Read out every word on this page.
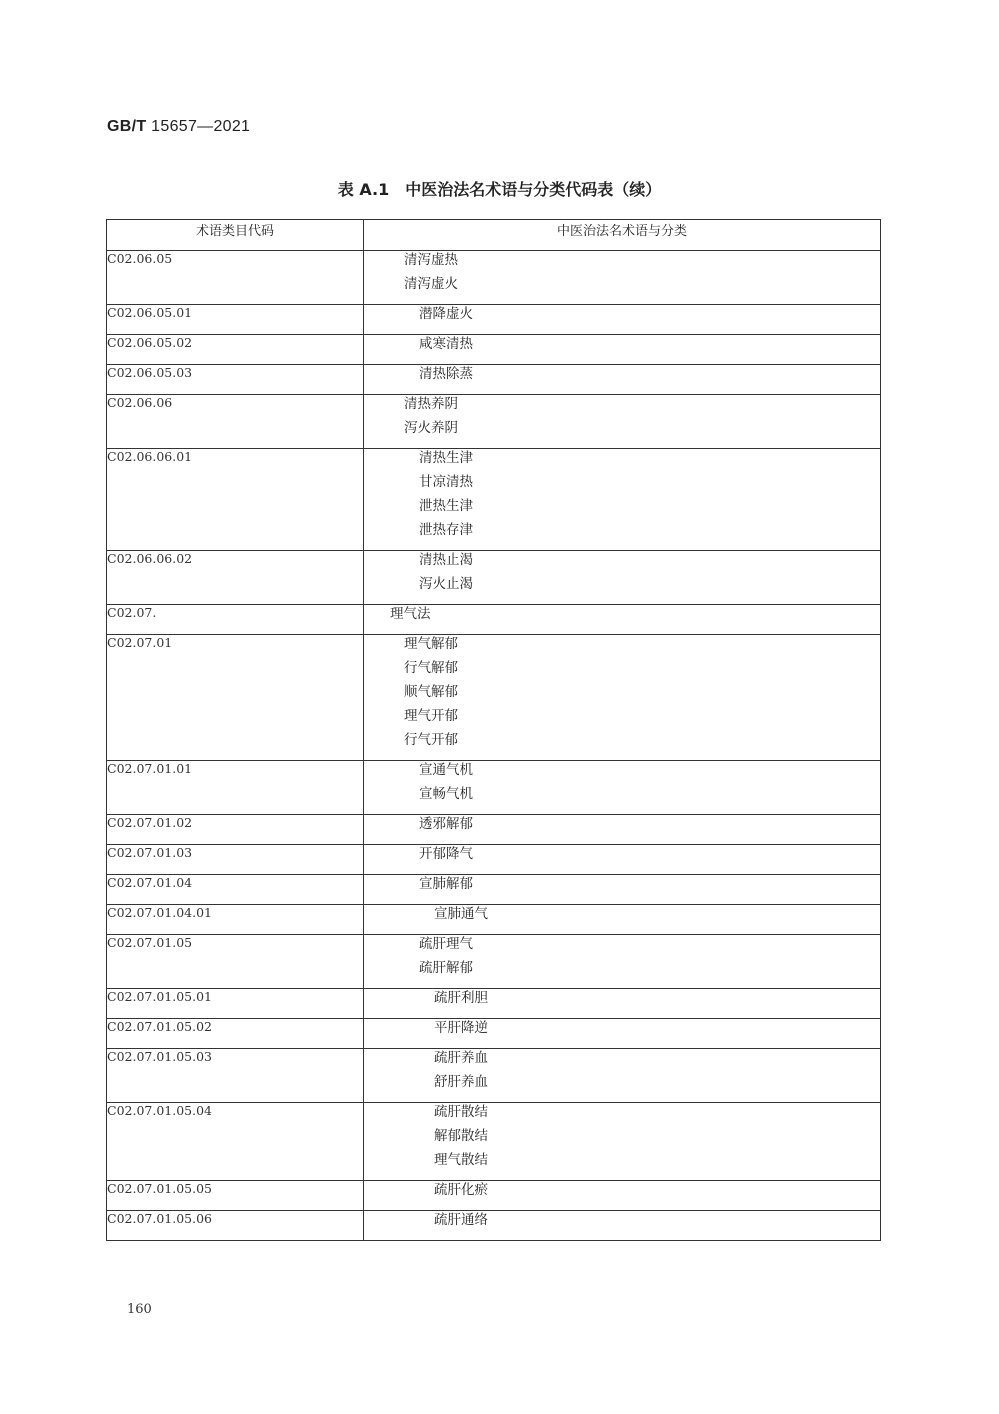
GB/T 15657—2021
表 A.1 中医治法名术语与分类代码表（续）
术语类目代码	中医治法名术语与分类
C02.06.05	清泻虚热
清泻虚火

C02.06.05.01	潜降虚火

C02.06.05.02	咸寒清热

C02.06.05.03	清热除蒸

C02.06.06	清热养阴
泻火养阴

C02.06.06.01	清热生津
甘凉清热
泄热生津
泄热存津

C02.06.06.02	清热止渴
泻火止渴

C02.07.	理气法

C02.07.01	理气解郁
行气解郁
顺气解郁
理气开郁
行气开郁

C02.07.01.01	宣通气机
宣畅气机

C02.07.01.02	透邪解郁

C02.07.01.03	开郁降气

C02.07.01.04	宣肺解郁

C02.07.01.04.01	宣肺通气

C02.07.01.05	疏肝理气
疏肝解郁

C02.07.01.05.01	疏肝利胆

C02.07.01.05.02	平肝降逆

C02.07.01.05.03	疏肝养血
舒肝养血

C02.07.01.05.04	疏肝散结
解郁散结
理气散结

C02.07.01.05.05	疏肝化瘀

C02.07.01.05.06	疏肝通络
160
